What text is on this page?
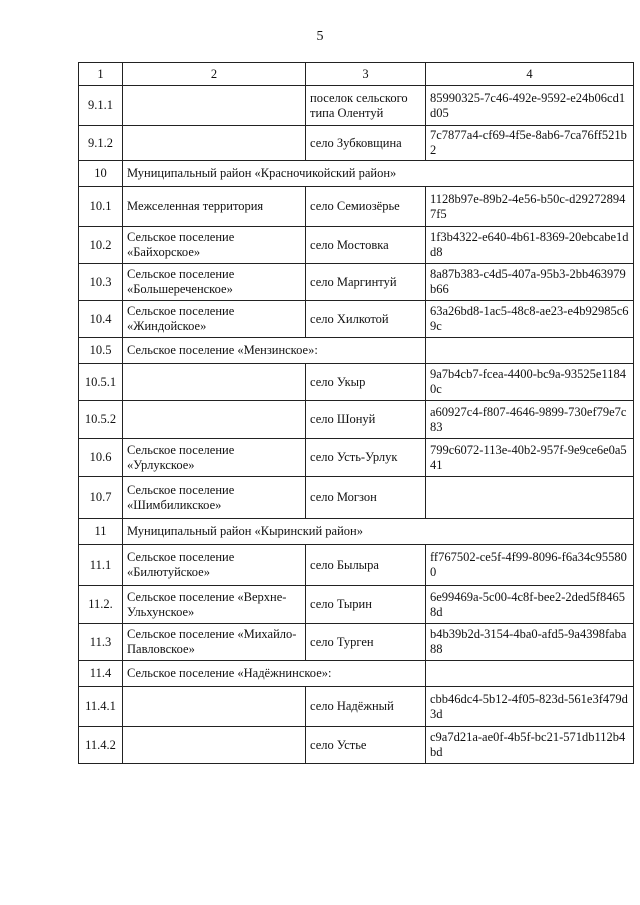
5
1	2	3	4
9.1.1		поселок сельского типа Олентуй	85990325-7c46-492e-9592-e24b06cd1d05
9.1.2		село Зубковщина	7c7877a4-cf69-4f5e-8ab6-7ca76ff521b2
10	Муниципальный район «Красночикойский район»		
10.1	Межселенная территория	село Семиозёрье	1128b97e-89b2-4e56-b50c-d292728947f5
10.2	Сельское поселение «Байхорское»	село Мостовка	1f3b4322-e640-4b61-8369-20ebcabe1dd8
10.3	Сельское поселение «Большереченское»	село Маргинтуй	8a87b383-c4d5-407a-95b3-2bb463979b66
10.4	Сельское поселение «Жиндойское»	село Хилкотой	63a26bd8-1ac5-48c8-ae23-e4b92985c69c
10.5	Сельское поселение «Мензинское»:		
10.5.1		село Укыр	9a7b4cb7-fcea-4400-bc9a-93525e11840c
10.5.2		село Шонуй	a60927c4-f807-4646-9899-730ef79e7c83
10.6	Сельское поселение «Урлукское»	село Усть-Урлук	799c6072-113e-40b2-957f-9e9ce6e0a541
10.7	Сельское поселение «Шимбиликское»	село Могзон	
11	Муниципальный район «Кыринский район»		
11.1	Сельское поселение «Билютуйское»	село Былыра	ff767502-ce5f-4f99-8096-f6a34c955800
11.2.	Сельское поселение «Верхне-Ульхунское»	село Тырин	6e99469a-5c00-4c8f-bee2-2ded5f84658d
11.3	Сельское поселение «Михайло-Павловское»	село Турген	b4b39b2d-3154-4ba0-afd5-9a4398faba88
11.4	Сельское поселение «Надёжнинское»:		
11.4.1		село Надёжный	cbb46dc4-5b12-4f05-823d-561e3f479d3d
11.4.2		село Устье	c9a7d21a-ae0f-4b5f-bc21-571db112b4bd
